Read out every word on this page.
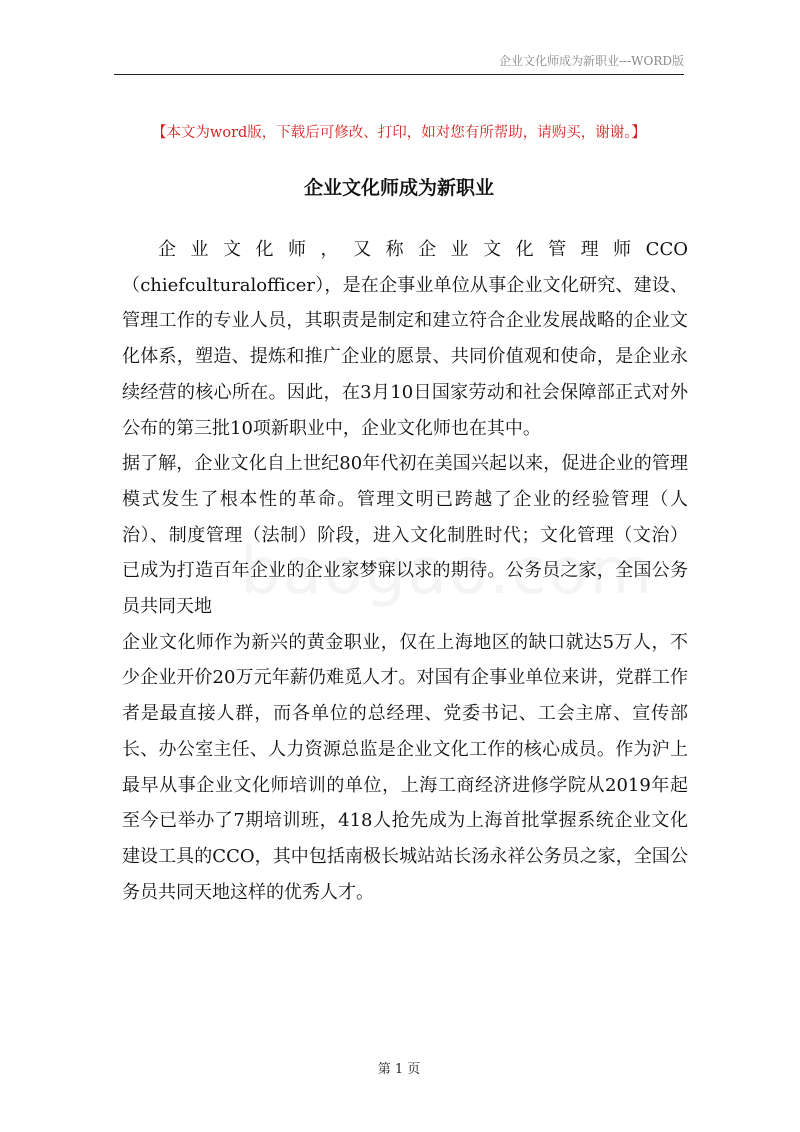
企业文化师成为新职业---WORD版
【本文为word版，下载后可修改、打印，如对您有所帮助，请购买，谢谢。】
企业文化师成为新职业

企业文化师，又称企业文化管理师CCO（chiefculturalofficer），是在企事业单位从事企业文化研究、建设、管理工作的专业人员，其职责是制定和建立符合企业发展战略的企业文化体系，塑造、提炼和推广企业的愿景、共同价值观和使命，是企业永续经营的核心所在。因此，在3月10日国家劳动和社会保障部正式对外公布的第三批10项新职业中，企业文化师也在其中。

据了解，企业文化自上世纪80年代初在美国兴起以来，促进企业的管理模式发生了根本性的革命。管理文明已跨越了企业的经验管理（人治）、制度管理（法制）阶段，进入文化制胜时代；文化管理（文治）已成为打造百年企业的企业家梦寐以求的期待。公务员之家，全国公务员共同天地

企业文化师作为新兴的黄金职业，仅在上海地区的缺口就达5万人，不少企业开价20万元年薪仍难觅人才。对国有企事业单位来讲，党群工作者是最直接人群，而各单位的总经理、党委书记、工会主席、宣传部长、办公室主任、人力资源总监是企业文化工作的核心成员。作为沪上最早从事企业文化师培训的单位，上海工商经济进修学院从2019年起至今已举办了7期培训班，418人抢先成为上海首批掌握系统企业文化建设工具的CCO，其中包括南极长城站站长汤永祥公务员之家，全国公务员共同天地这样的优秀人才。

第 1 页
